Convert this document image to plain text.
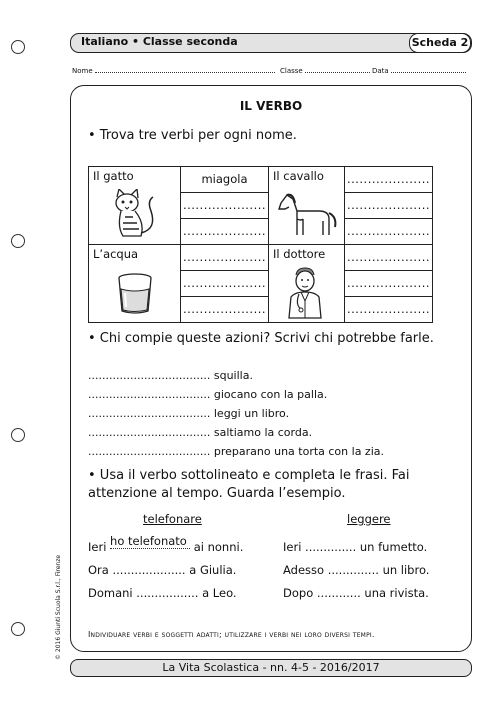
Italiano • Classe seconda	Scheda 2
Nome	Classe	Data
IL VERBO
• Trova tre verbi per ogni nome.
Il gatto	miagola	Il cavallo	....................
	....................		....................
	....................		....................

L’acqua	....................	Il dottore	....................
	....................		....................
	....................		....................
• Chi compie queste azioni? Scrivi chi potrebbe farle.
................................... squilla.
................................... giocano con la palla.
................................... leggi un libro.
................................... saltiamo la corda.
................................... preparano una torta con la zia.
• Usa il verbo sottolineato e completa le frasi. Fai
attenzione al tempo. Guarda l’esempio.
telefonare	leggere
Ieri ho telefonato ai nonni.
Ora .................... a Giulia.
Domani ................. a Leo.
Ieri .............. un fumetto.
Adesso .............. un libro.
Dopo ............ una rivista.
Individuare verbi e soggetti adatti; utilizzare i verbi nei loro diversi tempi.
© 2016 Giunti Scuola S.r.l., Firenze
La Vita Scolastica - nn. 4-5 - 2016/2017
